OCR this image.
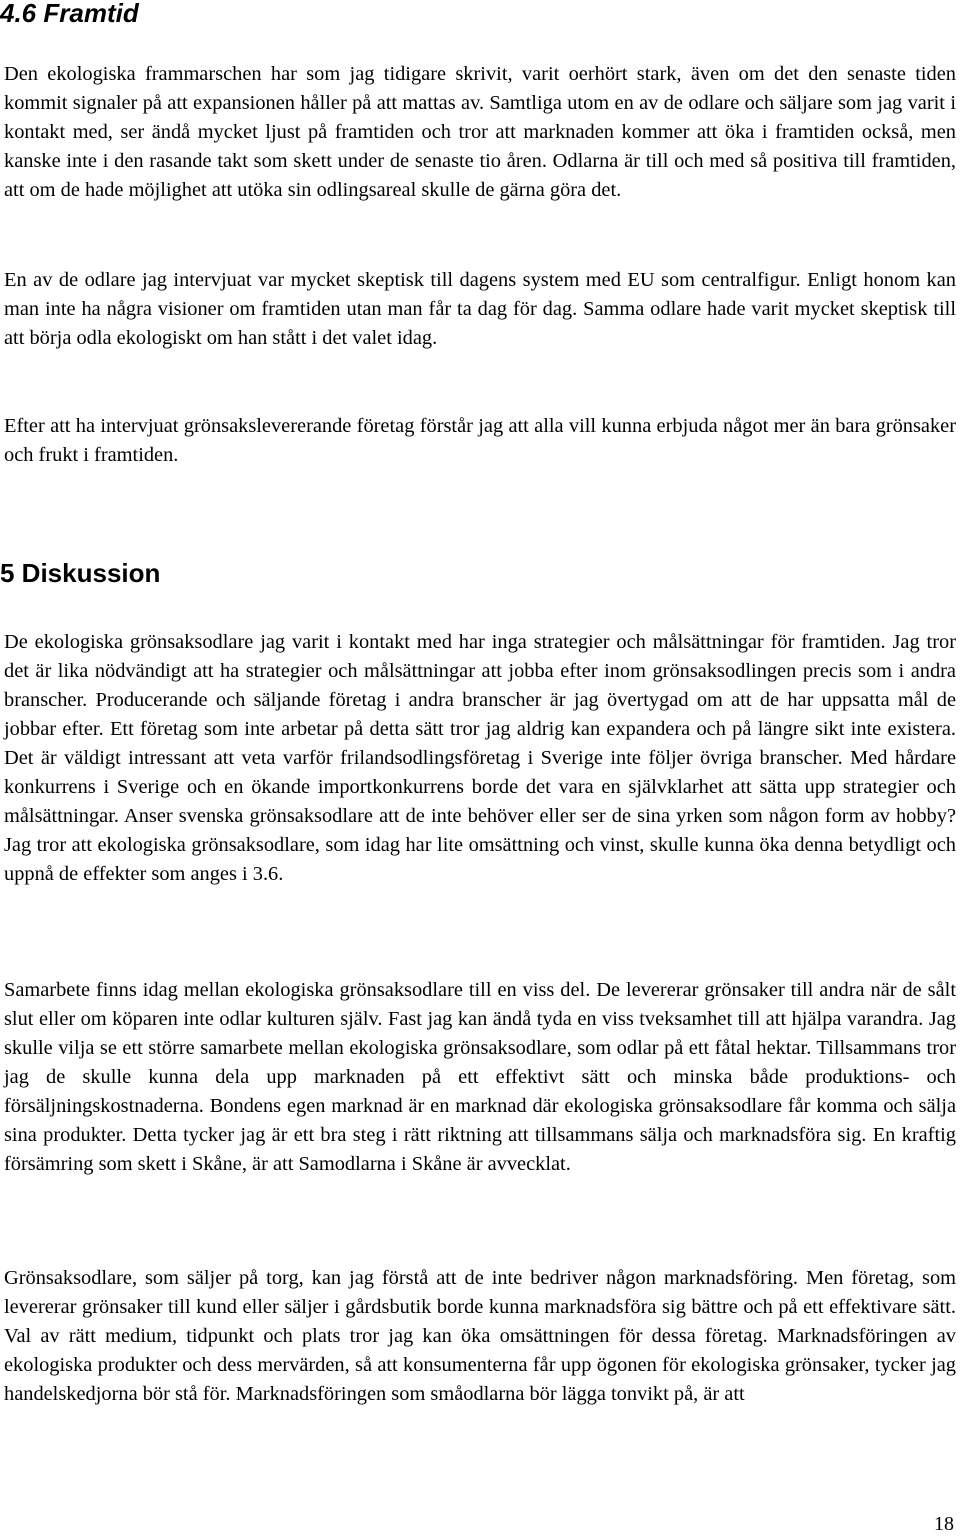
4.6 Framtid

Den ekologiska frammarschen har som jag tidigare skrivit, varit oerhört stark, även om det den senaste tiden kommit signaler på att expansionen håller på att mattas av. Samtliga utom en av de odlare och säljare som jag varit i kontakt med, ser ändå mycket ljust på framtiden och tror att marknaden kommer att öka i framtiden också, men kanske inte i den rasande takt som skett under de senaste tio åren. Odlarna är till och med så positiva till framtiden, att om de hade möjlighet att utöka sin odlingsareal skulle de gärna göra det.

En av de odlare jag intervjuat var mycket skeptisk till dagens system med EU som centralfigur. Enligt honom kan man inte ha några visioner om framtiden utan man får ta dag för dag. Samma odlare hade varit mycket skeptisk till att börja odla ekologiskt om han stått i det valet idag.

Efter att ha intervjuat grönsakslevererande företag förstår jag att alla vill kunna erbjuda något mer än bara grönsaker och frukt i framtiden.

5 Diskussion

De ekologiska grönsaksodlare jag varit i kontakt med har inga strategier och målsättningar för framtiden. Jag tror det är lika nödvändigt att ha strategier och målsättningar att jobba efter inom grönsaksodlingen precis som i andra branscher. Producerande och säljande företag i andra branscher är jag övertygad om att de har uppsatta mål de jobbar efter. Ett företag som inte arbetar på detta sätt tror jag aldrig kan expandera och på längre sikt inte existera. Det är väldigt intressant att veta varför frilandsodlingsföretag i Sverige inte följer övriga branscher. Med hårdare konkurrens i Sverige och en ökande importkonkurrens borde det vara en självklarhet att sätta upp strategier och målsättningar. Anser svenska grönsaksodlare att de inte behöver eller ser de sina yrken som någon form av hobby? Jag tror att ekologiska grönsaksodlare, som idag har lite omsättning och vinst, skulle kunna öka denna betydligt och uppnå de effekter som anges i 3.6.

Samarbete finns idag mellan ekologiska grönsaksodlare till en viss del. De levererar grönsaker till andra när de sålt slut eller om köparen inte odlar kulturen själv. Fast jag kan ändå tyda en viss tveksamhet till att hjälpa varandra. Jag skulle vilja se ett större samarbete mellan ekologiska grönsaksodlare, som odlar på ett fåtal hektar. Tillsammans tror jag de skulle kunna dela upp marknaden på ett effektivt sätt och minska både produktions- och försäljningskostnaderna. Bondens egen marknad är en marknad där ekologiska grönsaksodlare får komma och sälja sina produkter. Detta tycker jag är ett bra steg i rätt riktning att tillsammans sälja och marknadsföra sig. En kraftig försämring som skett i Skåne, är att Samodlarna i Skåne är avvecklat.

Grönsaksodlare, som säljer på torg, kan jag förstå att de inte bedriver någon marknadsföring. Men företag, som levererar grönsaker till kund eller säljer i gårdsbutik borde kunna marknadsföra sig bättre och på ett effektivare sätt. Val av rätt medium, tidpunkt och plats tror jag kan öka omsättningen för dessa företag. Marknadsföringen av ekologiska produkter och dess mervärden, så att konsumenterna får upp ögonen för ekologiska grönsaker, tycker jag handelskedjorna bör stå för. Marknadsföringen som småodlarna bör lägga tonvikt på, är att

18
